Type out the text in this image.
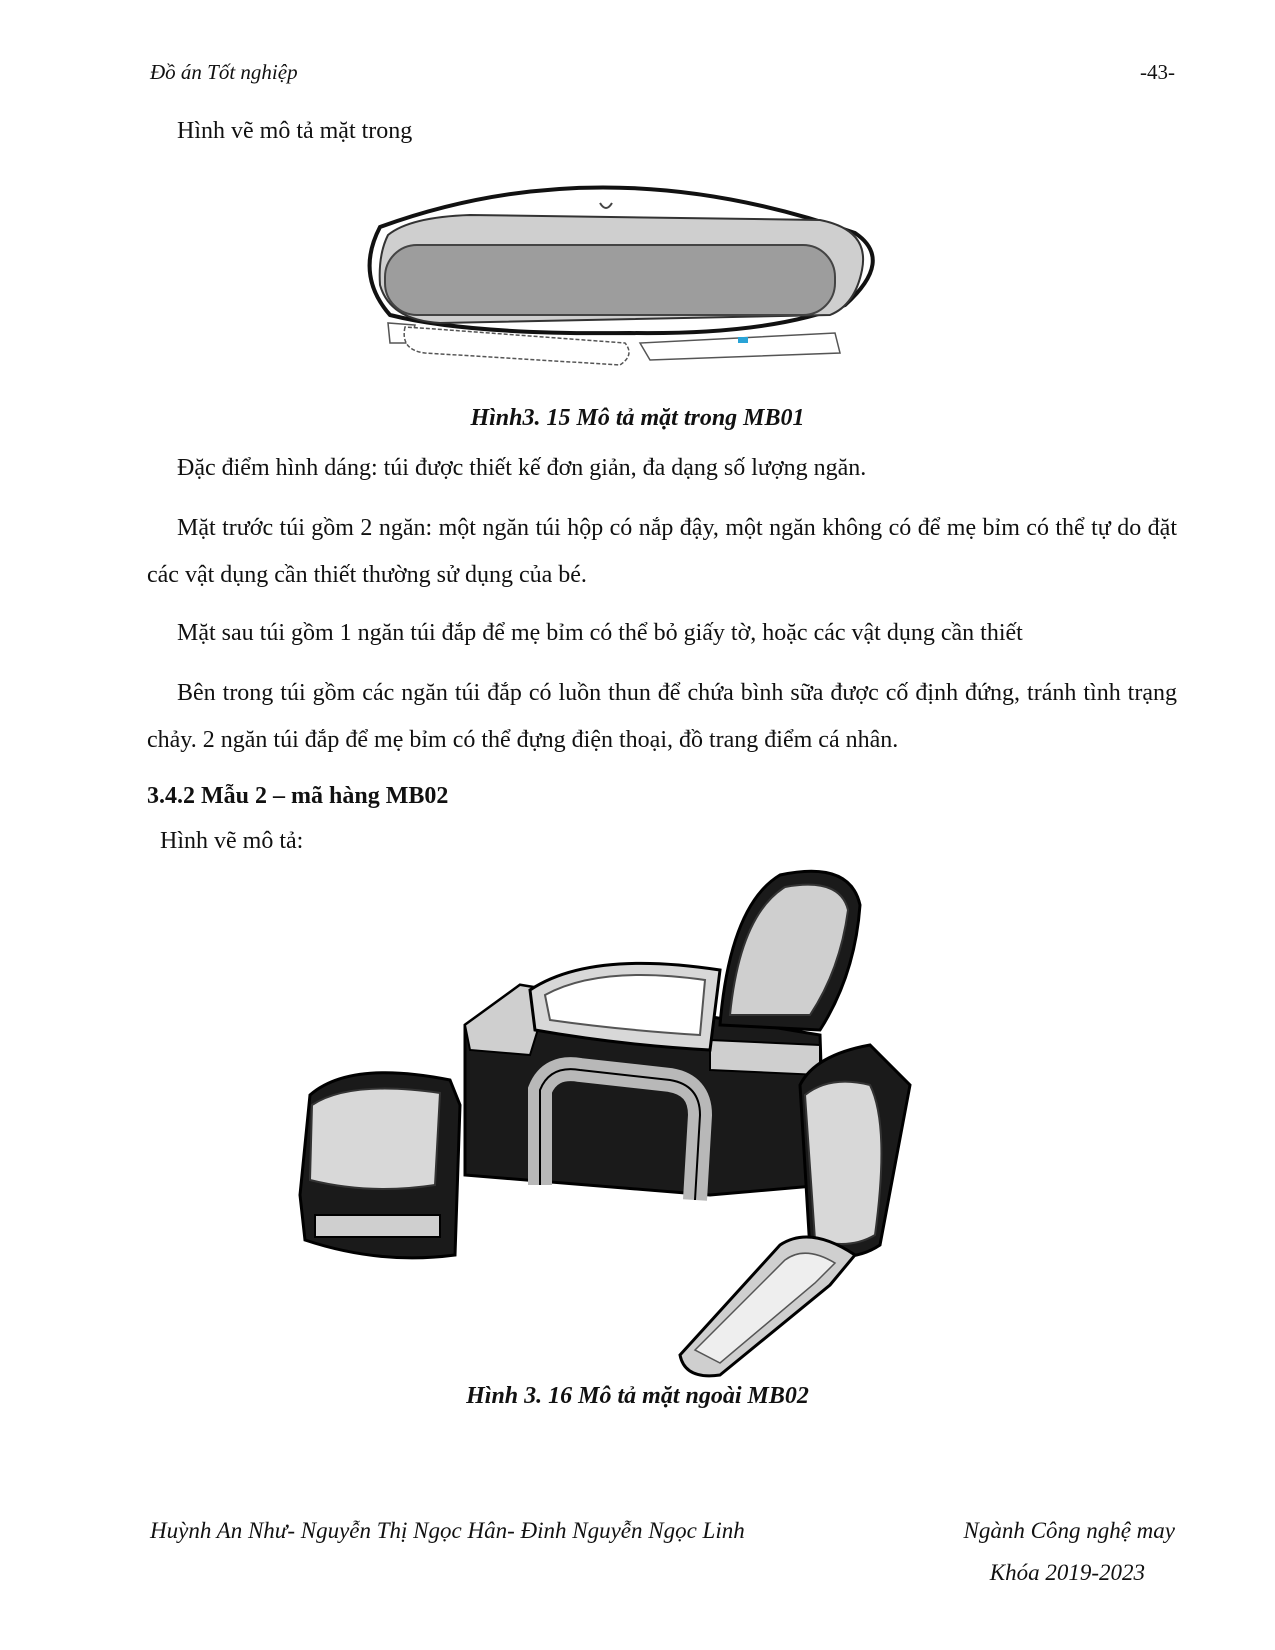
Đồ án Tốt nghiệp	-43-
Hình vẽ mô tả mặt trong
Hình3. 15 Mô tả mặt trong MB01
Đặc điểm hình dáng: túi được thiết kế đơn giản, đa dạng số lượng ngăn.
Mặt trước túi gồm 2 ngăn: một ngăn túi hộp có nắp đậy, một ngăn không có để mẹ bỉm có thể tự do đặt các vật dụng cần thiết thường sử dụng của bé.
Mặt sau túi gồm 1 ngăn túi đắp để mẹ bỉm có thể bỏ giấy tờ, hoặc các vật dụng cần thiết
Bên trong túi gồm các ngăn túi đắp có luồn thun để chứa bình sữa được cố định đứng, tránh tình trạng chảy. 2 ngăn túi đắp để mẹ bỉm có thể đựng điện thoại, đồ trang điểm cá nhân.
3.4.2 Mẫu 2 – mã hàng MB02
Hình vẽ mô tả:
Hình 3. 16 Mô tả mặt ngoài MB02
Huỳnh An Như- Nguyễn Thị Ngọc Hân- Đinh Nguyễn Ngọc Linh	Ngành Công nghệ may
Khóa 2019-2023
